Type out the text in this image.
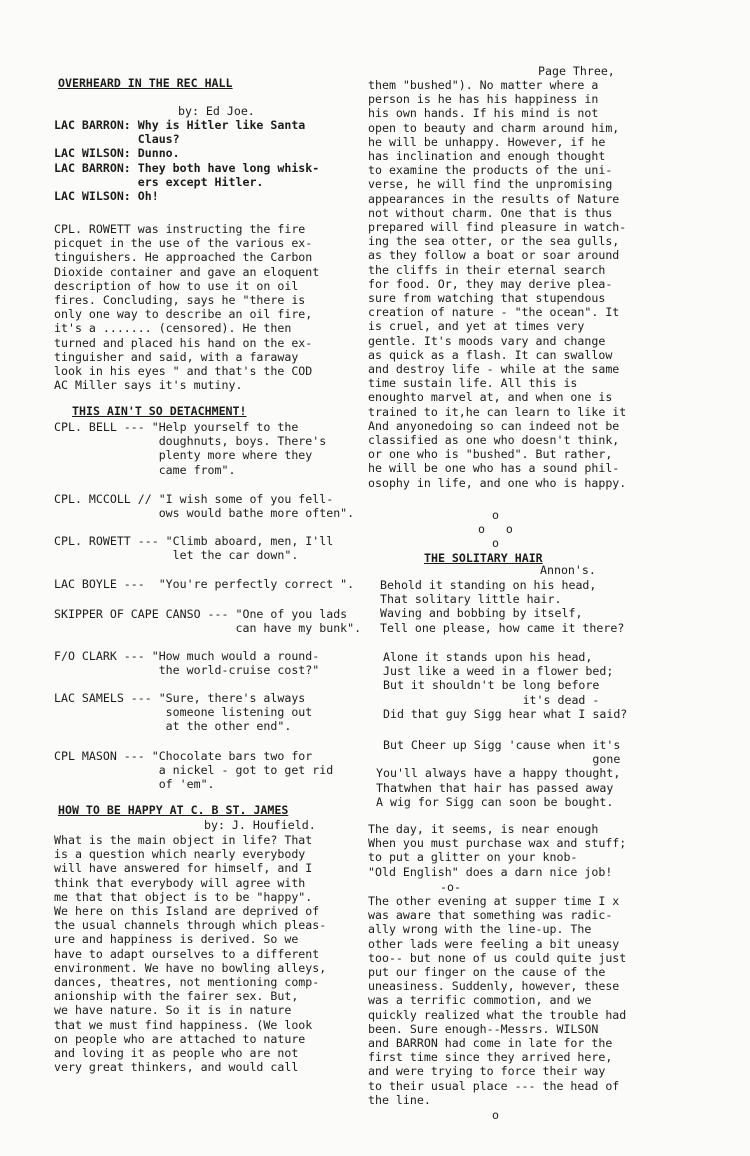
OVERHEARD IN THE REC HALL
by: Ed Joe.
LAC BARRON: Why is Hitler like Santa
Claus?
LAC WILSON: Dunno.
LAC BARRON: They both have long whisk-
ers except Hitler.
LAC WILSON: Oh!
CPL. ROWETT was instructing the fire
picquet in the use of the various ex-
tinguishers. He approached the Carbon
Dioxide container and gave an eloquent
description of how to use it on oil
fires. Concluding, says he "there is
only one way to describe an oil fire,
it's a ....... (censored). He then
turned and placed his hand on the ex-
tinguisher and said, with a faraway
look in his eyes " and that's the COD
AC Miller says it's mutiny.
THIS AIN'T SO DETACHMENT!
CPL. BELL --- "Help yourself to the
doughnuts, boys. There's
plenty more where they
came from".
CPL. MCCOLL // "I wish some of you fell-
ows would bathe more often".
CPL. ROWETT --- "Climb aboard, men, I'll
let the car down".
LAC BOYLE ---  "You're perfectly correct ".
SKIPPER OF CAPE CANSO --- "One of you lads
can have my bunk".
F/O CLARK --- "How much would a round-
the world-cruise cost?"
LAC SAMELS --- "Sure, there's always
someone listening out
at the other end".
CPL MASON --- "Chocolate bars two for
a nickel - got to get rid
of 'em".
HOW TO BE HAPPY AT C. B ST. JAMES
by: J. Houfield.
What is the main object in life? That
is a question which nearly everybody
will have answered for himself, and I
think that everybody will agree with
me that that object is to be "happy".
We here on this Island are deprived of
the usual channels through which pleas-
ure and happiness is derived. So we
have to adapt ourselves to a different
environment. We have no bowling alleys,
dances, theatres, not mentioning comp-
anionship with the fairer sex. But,
we have nature. So it is in nature
that we must find happiness. (We look
on people who are attached to nature
and loving it as people who are not
very great thinkers, and would call
Page Three,
them "bushed"). No matter where a
person is he has his happiness in
his own hands. If his mind is not
open to beauty and charm around him,
he will be unhappy. However, if he
has inclination and enough thought
to examine the products of the uni-
verse, he will find the unpromising
appearances in the results of Nature
not without charm. One that is thus
prepared will find pleasure in watch-
ing the sea otter, or the sea gulls,
as they follow a boat or soar around
the cliffs in their eternal search
for food. Or, they may derive plea-
sure from watching that stupendous
creation of nature - "the ocean". It
is cruel, and yet at times very
gentle. It's moods vary and change
as quick as a flash. It can swallow
and destroy life - while at the same
time sustain life. All this is
enoughto marvel at, and when one is
trained to it,he can learn to like it
And anyonedoing so can indeed not be
classified as one who doesn't think,
or one who is "bushed". But rather,
he will be one who has a sound phil-
osophy in life, and one who is happy.
o
o   o
o
THE SOLITARY HAIR
Annon's.
Behold it standing on his head,
That solitary little hair.
Waving and bobbing by itself,
Tell one please, how came it there?
Alone it stands upon his head,
Just like a weed in a flower bed;
But it shouldn't be long before
it's dead -
Did that guy Sigg hear what I said?
But Cheer up Sigg 'cause when it's
gone
You'll always have a happy thought,
Thatwhen that hair has passed away
A wig for Sigg can soon be bought.
The day, it seems, is near enough
When you must purchase wax and stuff;
to put a glitter on your knob-
"Old English" does a darn nice job!
-o-
The other evening at supper time I x
was aware that something was radic-
ally wrong with the line-up. The
other lads were feeling a bit uneasy
too-- but none of us could quite just
put our finger on the cause of the
uneasiness. Suddenly, however, these
was a terrific commotion, and we
quickly realized what the trouble had
been. Sure enough--Messrs. WILSON
and BARRON had come in late for the
first time since they arrived here,
and were trying to force their way
to their usual place --- the head of
the line.
o
